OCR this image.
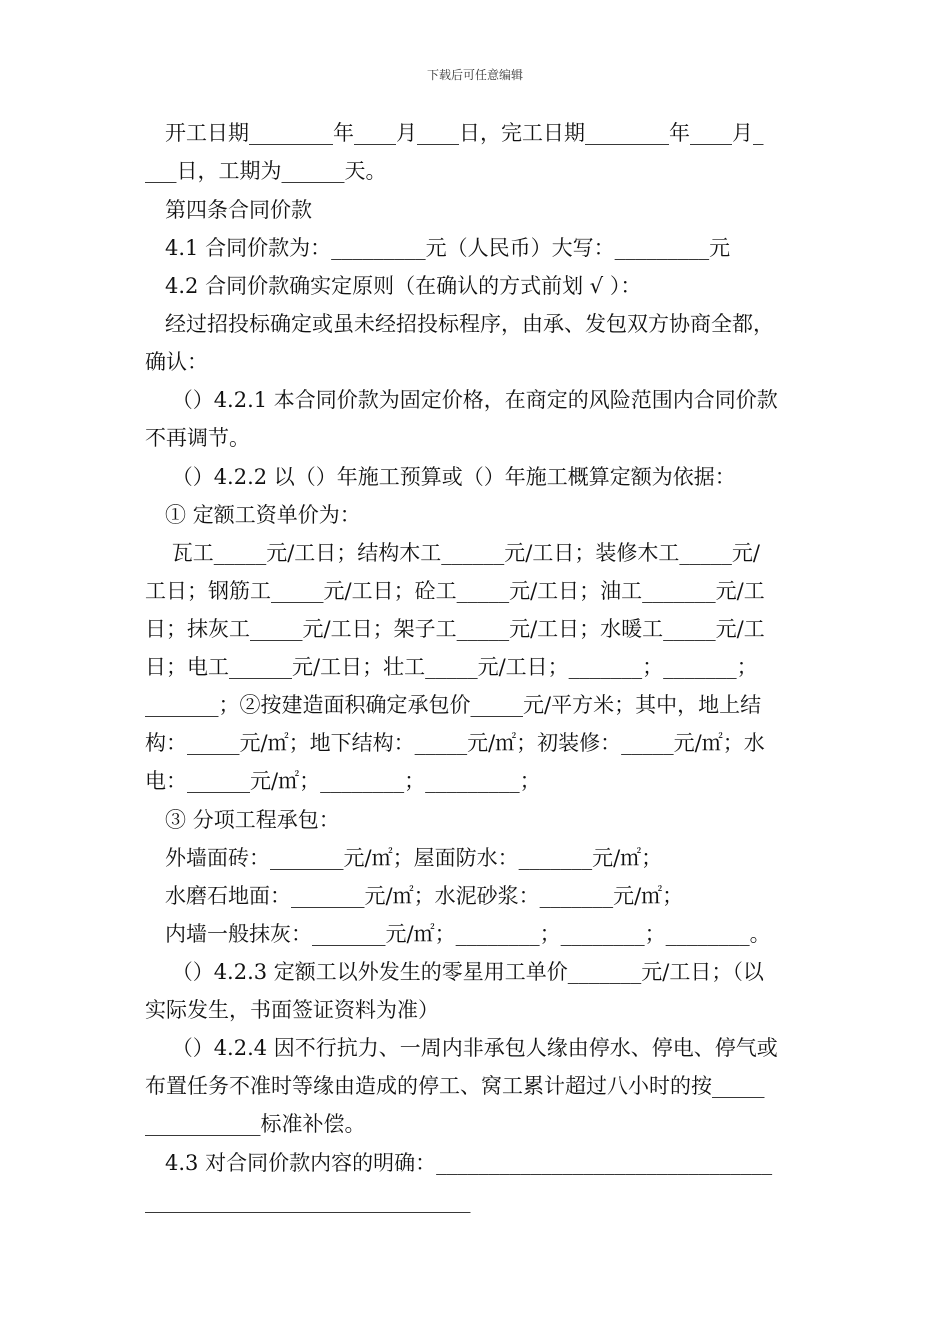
下载后可任意编辑
开工日期________年____月____日，完工日期________年____月_
___日，工期为______天。
第四条合同价款
4.1 合同价款为：_________元（人民币）大写：_________元
4.2 合同价款确实定原则（在确认的方式前划 √ ）：
经过招投标确定或虽未经招投标程序，由承、发包双方协商全都，
确认：
（）4.2.1 本合同价款为固定价格，在商定的风险范围内合同价款
不再调节。
（）4.2.2 以（）年施工预算或（）年施工概算定额为依据：
① 定额工资单价为：
瓦工_____元/工日；结构木工______元/工日；装修木工_____元/
工日；钢筋工_____元/工日；砼工_____元/工日；油工_______元/工
日；抹灰工_____元/工日；架子工_____元/工日；水暖工_____元/工
日；电工______元/工日；壮工_____元/工日；_______；_______；
_______；②按建造面积确定承包价_____元/平方米；其中，地上结
构：_____元/㎡；地下结构：_____元/㎡；初装修：_____元/㎡；水
电：______元/㎡；________；_________；
③ 分项工程承包：
外墙面砖：_______元/㎡；屋面防水：_______元/㎡；
水磨石地面：_______元/㎡；水泥砂浆：_______元/㎡；
内墙一般抹灰：_______元/㎡；________；________；________。
（）4.2.3 定额工以外发生的零星用工单价_______元/工日；（以
实际发生，书面签证资料为准）
（）4.2.4 因不行抗力、一周内非承包人缘由停水、停电、停气或
布置任务不准时等缘由造成的停工、窝工累计超过八小时的按_____
___________标准补偿。
4.3 对合同价款内容的明确：________________________________
_______________________________
